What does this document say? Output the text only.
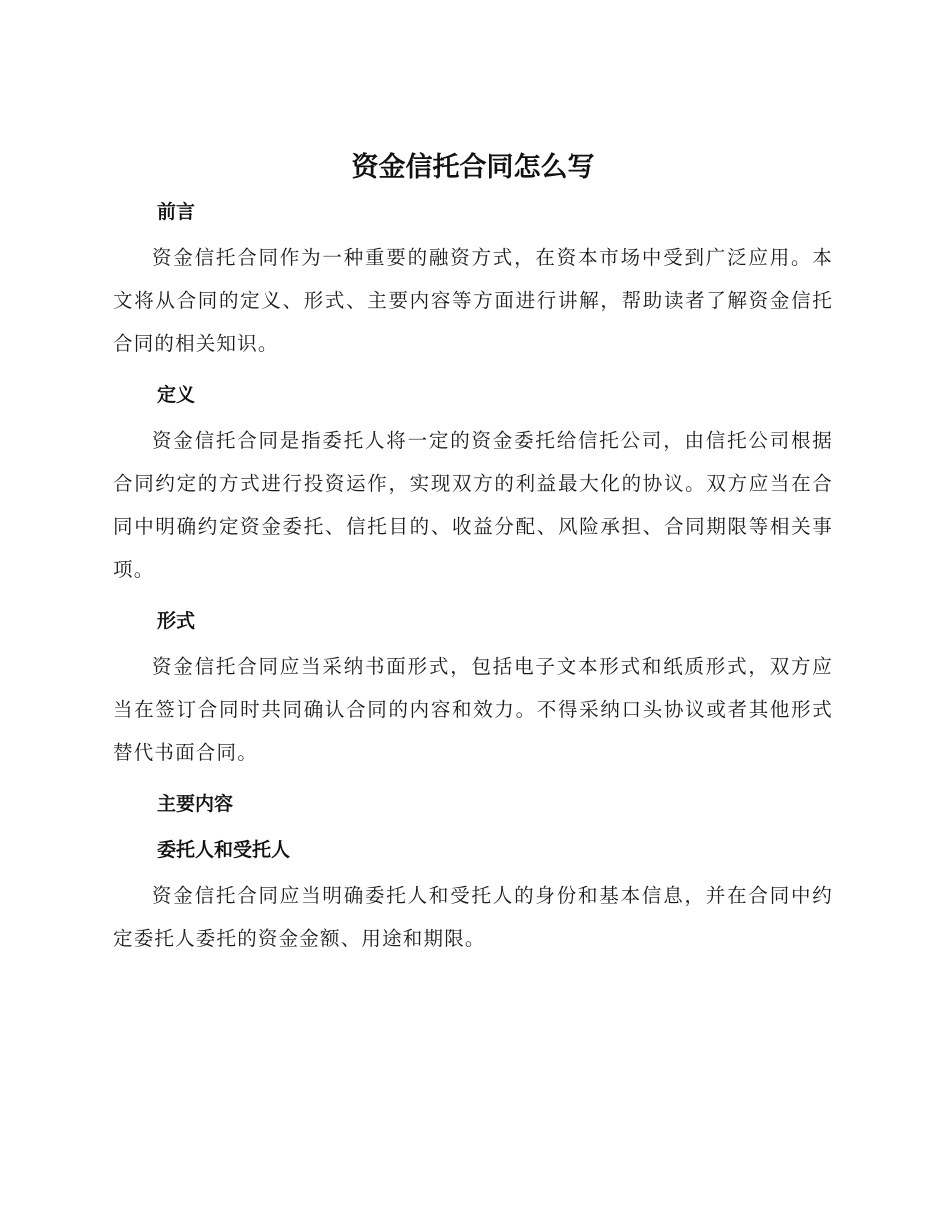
资金信托合同怎么写
前言

资金信托合同作为一种重要的融资方式，在资本市场中受到广泛应用。本文将从合同的定义、形式、主要内容等方面进行讲解，帮助读者了解资金信托合同的相关知识。

定义

资金信托合同是指委托人将一定的资金委托给信托公司，由信托公司根据合同约定的方式进行投资运作，实现双方的利益最大化的协议。双方应当在合同中明确约定资金委托、信托目的、收益分配、风险承担、合同期限等相关事项。

形式

资金信托合同应当采纳书面形式，包括电子文本形式和纸质形式，双方应当在签订合同时共同确认合同的内容和效力。不得采纳口头协议或者其他形式替代书面合同。

主要内容
委托人和受托人

资金信托合同应当明确委托人和受托人的身份和基本信息，并在合同中约定委托人委托的资金金额、用途和期限。
